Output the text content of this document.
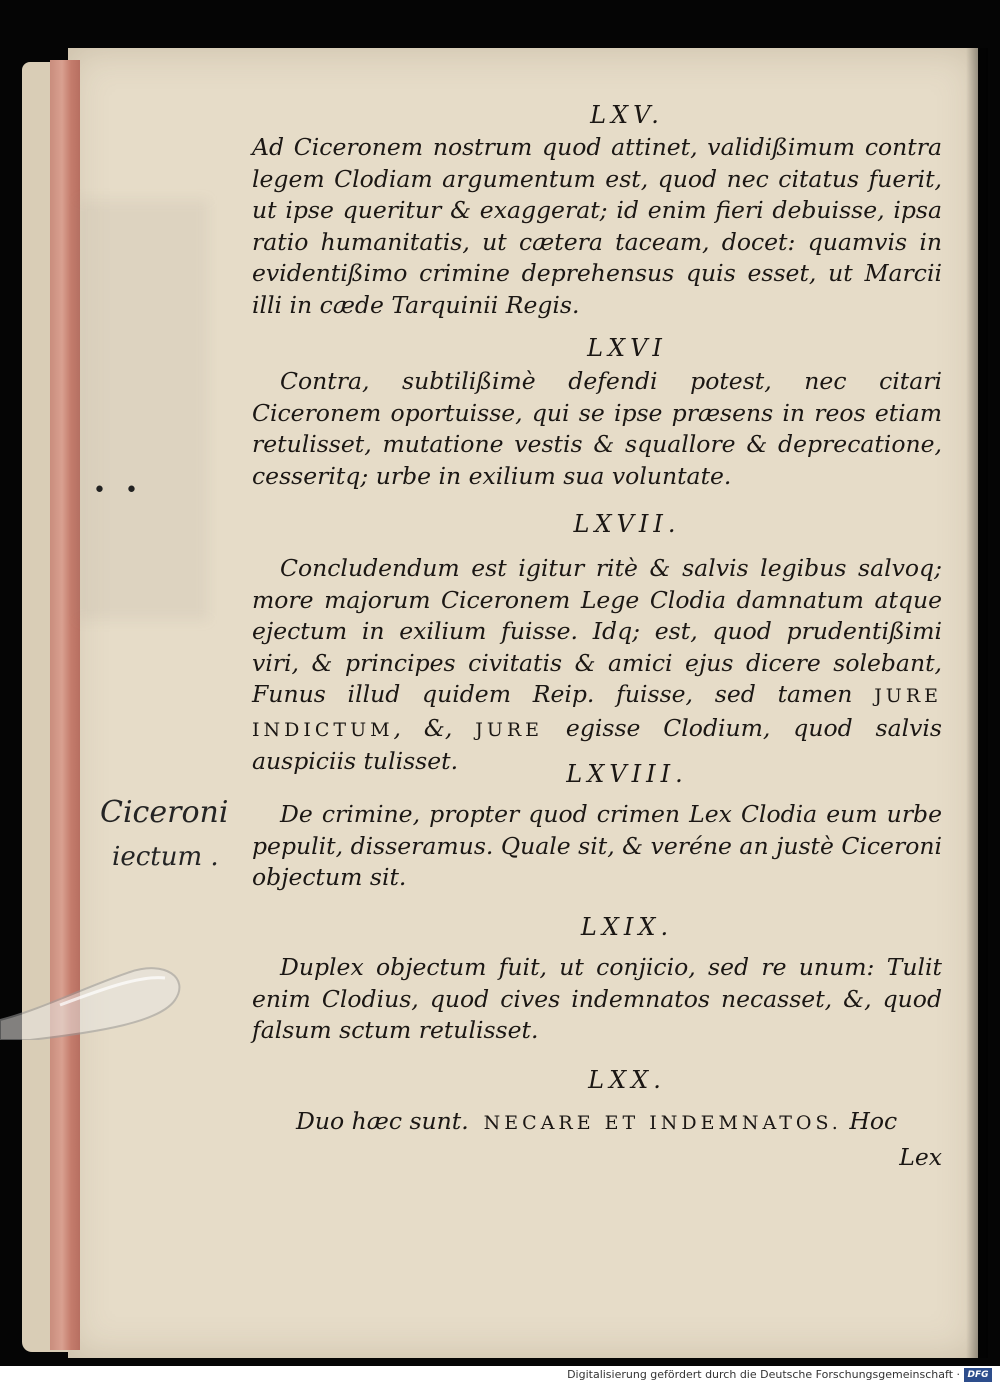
• •
Ciceroni
iectum .
LXV.

Ad Ciceronem nostrum quod attinet, validißimum contra legem Clodiam argumentum est, quod nec citatus fuerit, ut ipse queritur & exaggerat; id enim fieri debuisse, ipsa ratio humanitatis, ut cætera taceam, docet: quamvis in evidentißimo crimine deprehensus quis esset, ut Marcii illi in cæde Tarquinii Regis.

LXVI

Contra, subtilißimè defendi potest, nec citari Ciceronem oportuisse, qui se ipse præsens in reos etiam retulisset, mutatione vestis & squallore & deprecatione, cesseritq; urbe in exilium sua voluntate.

LXVII.

Concludendum est igitur ritè & salvis legibus salvoq; more majorum Ciceronem Lege Clodia damnatum atque ejectum in exilium fuisse. Idq; est, quod prudentißimi viri, & principes civitatis & amici ejus dicere solebant, Funus illud quidem Reip. fuisse, sed tamen JURE INDICTUM, &, JURE egisse Clodium, quod salvis auspiciis tulisset.	LXVIII.

De crimine, propter quod crimen Lex Clodia eum urbe pepulit, disseramus. Quale sit, & veréne an justè Ciceroni objectum sit.

LXIX.

Duplex objectum fuit, ut conjicio, sed re unum: Tulit enim Clodius, quod cives indemnatos necasset, &, quod falsum sctum retulisset.

LXX.

Duo hæc sunt. NECARE ET INDEMNATOS. Hoc

Lex
Digitalisierung gefördert durch die Deutsche Forschungsgemeinschaft · DFG
